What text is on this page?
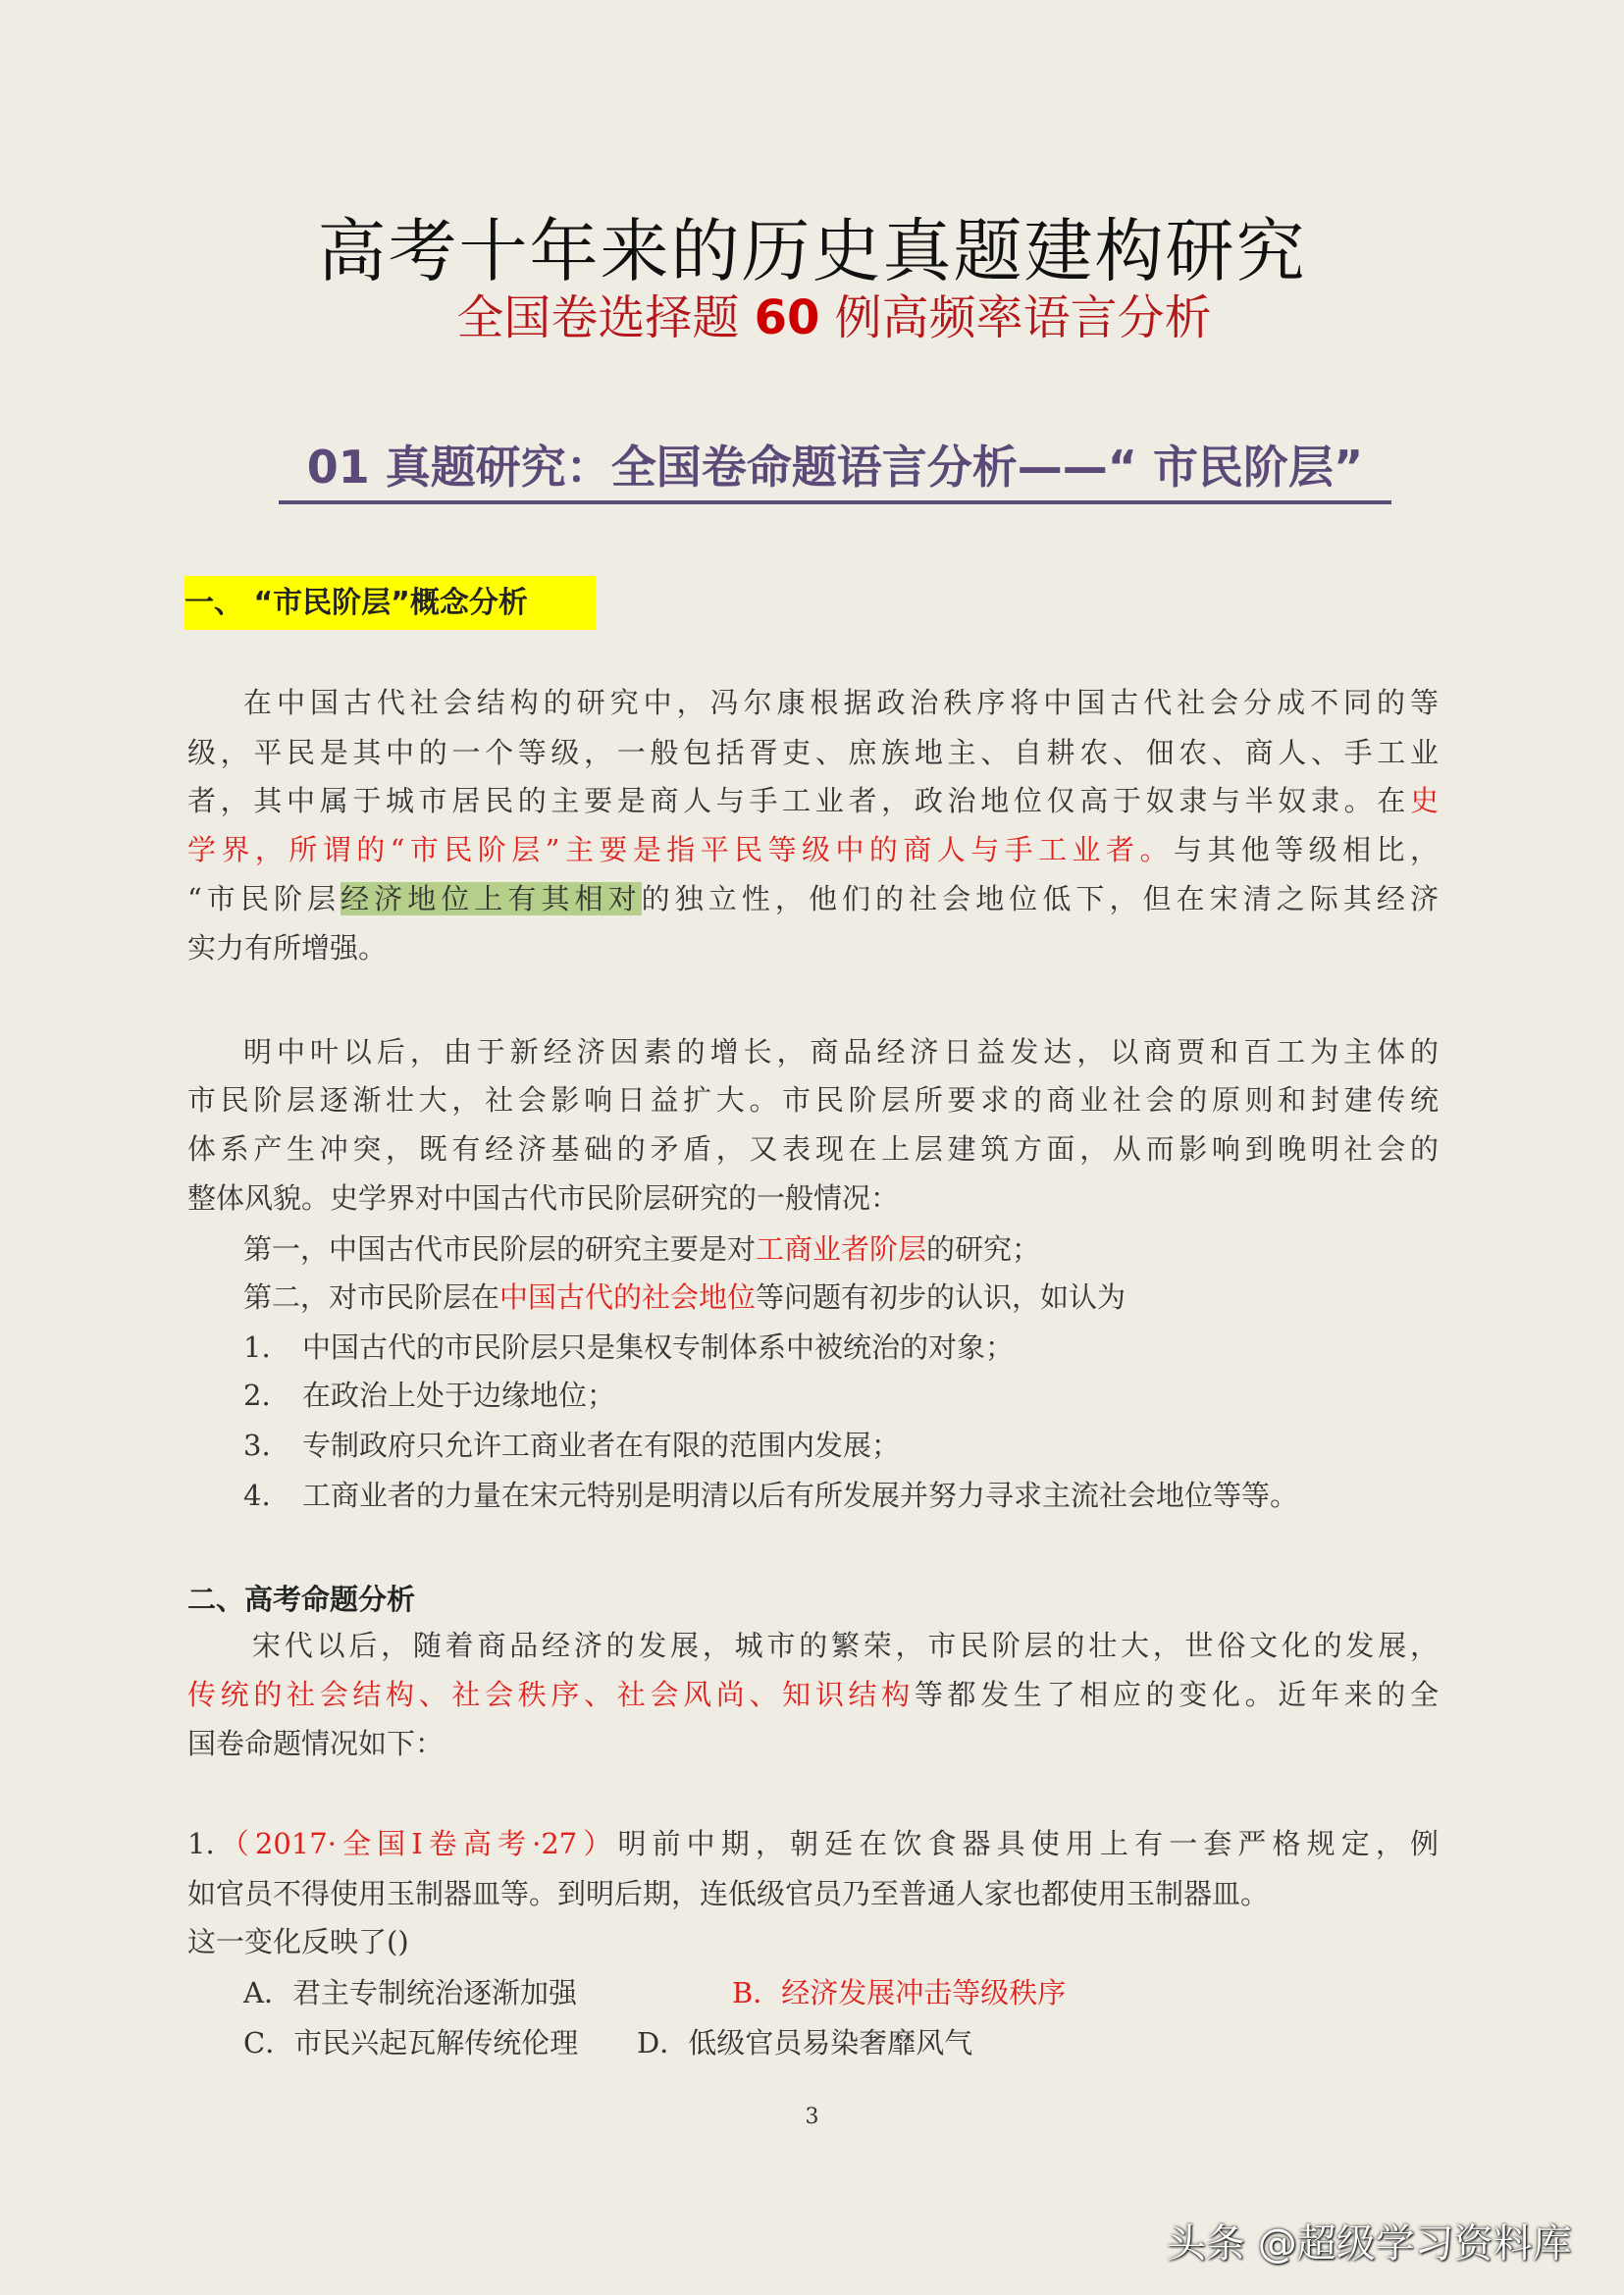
高考十年来的历史真题建构研究
全国卷选择题 60 例高频率语言分析
01 真题研究：全国卷命题语言分析——“ 市民阶层”
一、 “市民阶层”概念分析
在中国古代社会结构的研究中，冯尔康根据政治秩序将中国古代社会分成不同的等
级，平民是其中的一个等级，一般包括胥吏、庶族地主、自耕农、佃农、商人、手工业
者，其中属于城市居民的主要是商人与手工业者，政治地位仅高于奴隶与半奴隶。在史
学界，所谓的“市民阶层”主要是指平民等级中的商人与手工业者。与其他等级相比，
“市民阶层经济地位上有其相对的独立性，他们的社会地位低下，但在宋清之际其经济
实力有所增强。
明中叶以后，由于新经济因素的增长，商品经济日益发达，以商贾和百工为主体的
市民阶层逐渐壮大，社会影响日益扩大。市民阶层所要求的商业社会的原则和封建传统
体系产生冲突，既有经济基础的矛盾，又表现在上层建筑方面，从而影响到晚明社会的
整体风貌。史学界对中国古代市民阶层研究的一般情况：
第一，中国古代市民阶层的研究主要是对工商业者阶层的研究；
第二，对市民阶层在中国古代的社会地位等问题有初步的认识，如认为
1. 中国古代的市民阶层只是集权专制体系中被统治的对象；
2. 在政治上处于边缘地位；
3. 专制政府只允许工商业者在有限的范围内发展；
4. 工商业者的力量在宋元特别是明清以后有所发展并努力寻求主流社会地位等等。
二、高考命题分析
宋代以后，随着商品经济的发展，城市的繁荣，市民阶层的壮大，世俗文化的发展，
传统的社会结构、社会秩序、社会风尚、知识结构等都发生了相应的变化。近年来的全
国卷命题情况如下：
1.（2017·全国Ⅰ卷高考·27）明前中期，朝廷在饮食器具使用上有一套严格规定，例
如官员不得使用玉制器皿等。到明后期，连低级官员乃至普通人家也都使用玉制器皿。
这一变化反映了()
A．君主专制统治逐渐加强	B．经济发展冲击等级秩序
C．市民兴起瓦解传统伦理 D．低级官员易染奢靡风气
3
头条 @超级学习资料库
